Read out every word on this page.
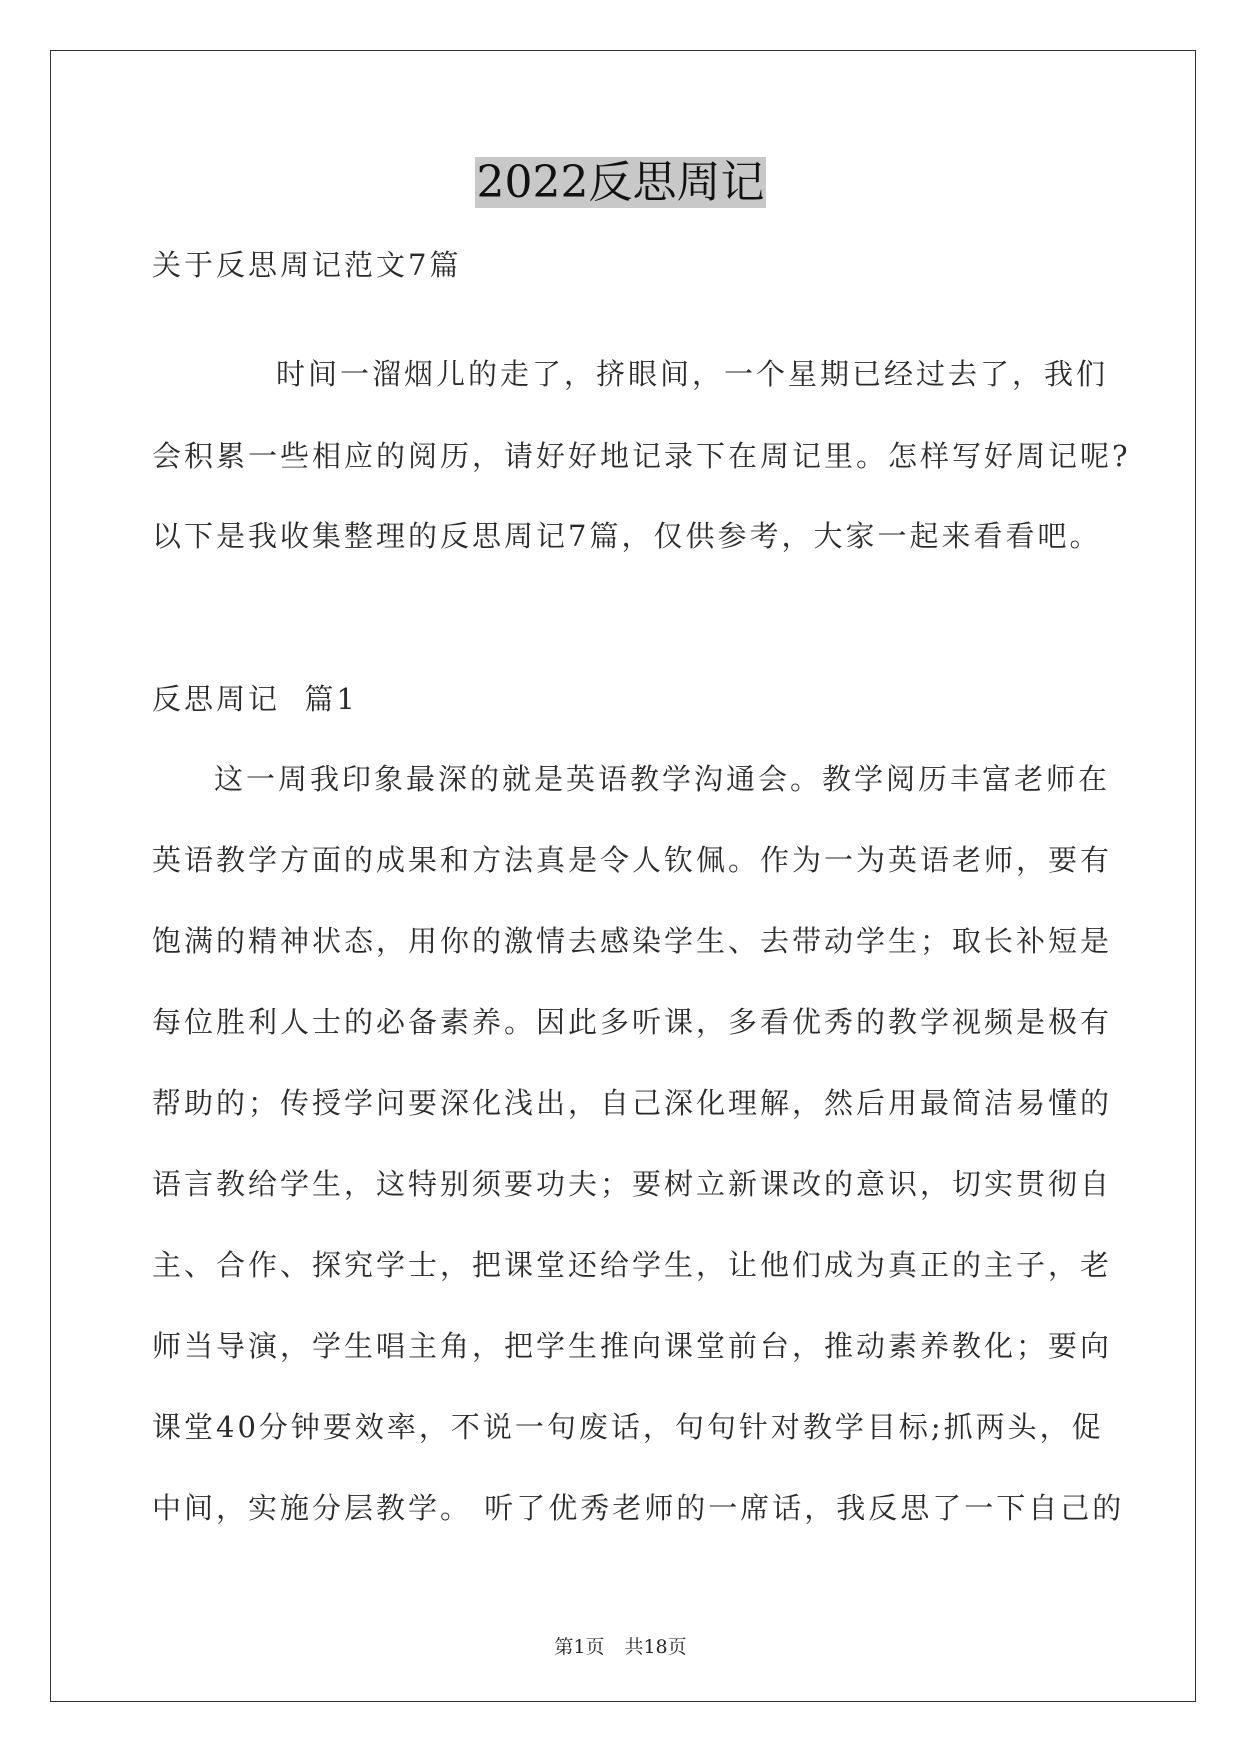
2022反思周记
关于反思周记范文7篇
时间一溜烟儿的走了，挤眼间，一个星期已经过去了，我们
会积累一些相应的阅历，请好好地记录下在周记里。怎样写好周记呢?
以下是我收集整理的反思周记7篇，仅供参考，大家一起来看看吧。
反思周记  篇1
这一周我印象最深的就是英语教学沟通会。教学阅历丰富老师在
英语教学方面的成果和方法真是令人钦佩。作为一为英语老师，要有
饱满的精神状态，用你的激情去感染学生、去带动学生；取长补短是
每位胜利人士的必备素养。因此多听课，多看优秀的教学视频是极有
帮助的；传授学问要深化浅出，自己深化理解，然后用最简洁易懂的
语言教给学生，这特别须要功夫；要树立新课改的意识，切实贯彻自
主、合作、探究学士，把课堂还给学生，让他们成为真正的主子，老
师当导演，学生唱主角，把学生推向课堂前台，推动素养教化；要向
课堂40分钟要效率，不说一句废话，句句针对教学目标;抓两头，促
中间，实施分层教学。 听了优秀老师的一席话，我反思了一下自己的
第1页 共18页
